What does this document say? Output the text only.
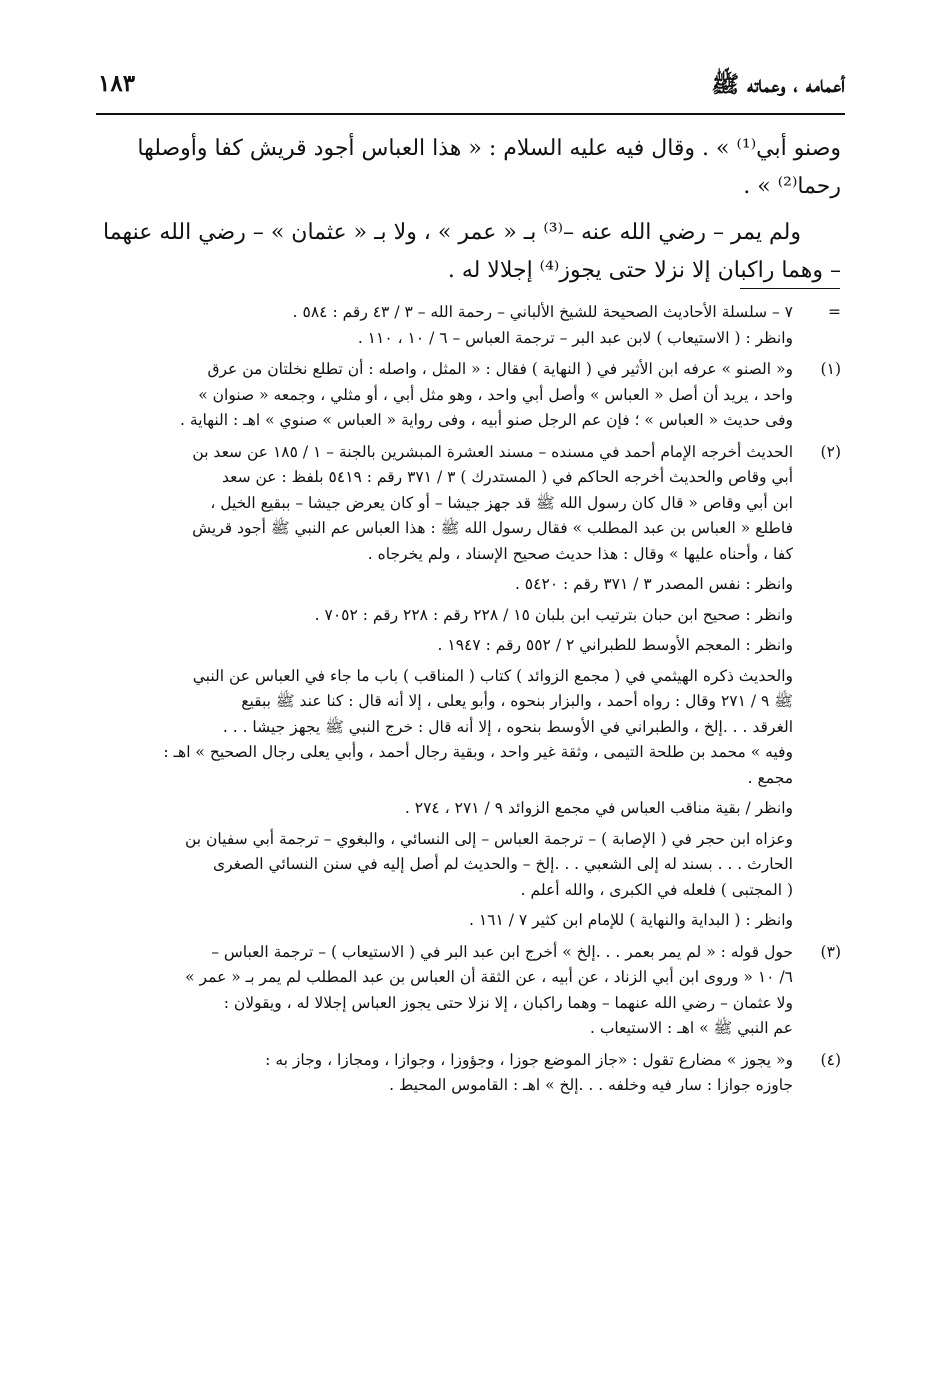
أعمامه ، وعماته ﷺ
١٨٣

وصنو أبي⁽¹⁾ » . وقال فيه عليه السلام : « هذا العباس أجود قريش كفا وأوصلها رحما⁽²⁾ » .

ولم يمر – رضي الله عنه –⁽³⁾ بـ « عمر » ، ولا بـ « عثمان » – رضي الله عنهما – وهما راكبان إلا نزلا حتى يجوز⁽⁴⁾ إجلالا له .

=
٧ – سلسلة الأحاديث الصحيحة للشيخ الألباني – رحمة الله – ٣ / ٤٣ رقم : ٥٨٤ .
وانظر : ( الاستيعاب ) لابن عبد البر – ترجمة العباس – ٦ / ١٠ ، ١١٠ .
(١)
و« الصنو » عرفه ابن الأثير في ( النهاية ) فقال : « المثل ، واصله : أن تطلع نخلتان من عرق
واحد ، يريد أن أصل « العباس » وأصل أبي واحد ، وهو مثل أبي ، أو مثلي ، وجمعه « صنوان »
وفى حديث « العباس » ؛ فإن عم الرجل صنو أبيه ، وفى رواية « العباس » صنوي » اهـ : النهاية .
(٢)
الحديث أخرجه الإمام أحمد في مسنده – مسند العشرة المبشرين بالجنة – ١ / ١٨٥ عن سعد بن
أبي وقاص والحديث أخرجه الحاكم في ( المستدرك ) ٣ / ٣٧١ رقم : ٥٤١٩ بلفظ : عن سعد
ابن أبي وقاص « قال كان رسول الله ﷺ قد جهز جيشا – أو كان يعرض جيشا – ببقيع الخيل ،
فاطلع « العباس بن عبد المطلب » فقال رسول الله ﷺ : هذا العباس عم النبي ﷺ أجود قريش
كفا ، وأحناه عليها » وقال : هذا حديث صحيح الإسناد ، ولم يخرجاه .
وانظر : نفس المصدر ٣ / ٣٧١ رقم : ٥٤٢٠ .
وانظر : صحيح ابن حبان بترتيب ابن بلبان ١٥ / ٢٢٨ رقم : ٢٢٨ رقم : ٧٠٥٢ .
وانظر : المعجم الأوسط للطبراني ٢ / ٥٥٢ رقم : ١٩٤٧ .
والحديث ذكره الهيثمي في ( مجمع الزوائد ) كتاب ( المناقب ) باب ما جاء في العباس عن النبي
ﷺ ٩ / ٢٧١ وقال : رواه أحمد ، والبزار بنحوه ، وأبو يعلى ، إلا أنه قال : كنا عند ﷺ ببقيع
الغرقد . . .إلخ ، والطبراني في الأوسط بنحوه ، إلا أنه قال : خرج النبي ﷺ يجهز جيشا . . .
وفيه » محمد بن طلحة التيمى ، وثقة غير واحد ، وبقية رجال أحمد ، وأبي يعلى رجال الصحيح » اهـ :
مجمع .
وانظر / بقية مناقب العباس في مجمع الزوائد ٩ / ٢٧١ ، ٢٧٤ .
وعزاه ابن حجر في ( الإصابة ) – ترجمة العباس – إلى النسائي ، والبغوي – ترجمة أبي سفيان بن
الحارث . . . بسند له إلى الشعبي . . .إلخ – والحديث لم أصل إليه في سنن النسائي الصغرى
( المجتبى ) فلعله في الكبرى ، والله أعلم .
وانظر : ( البداية والنهاية ) للإمام ابن كثير ٧ / ١٦١ .
(٣)
حول قوله : « لم يمر بعمر . . .إلخ » أخرج ابن عبد البر في ( الاستيعاب ) – ترجمة العباس –
٦/ ١٠ « وروى ابن أبي الزناد ، عن أبيه ، عن الثقة أن العباس بن عبد المطلب لم يمر بـ « عمر »
ولا عثمان – رضي الله عنهما – وهما راكبان ، إلا نزلا حتى يجوز العباس إجلالا له ، ويقولان :
عم النبي ﷺ » اهـ : الاستيعاب .
(٤)
و« يجوز » مضارع تقول : «جاز الموضع جوزا ، وجؤوزا ، وجوازا ، ومجازا ، وجاز به :
جاوزه جوازا : سار فيه وخلفه . . .إلخ » اهـ : القاموس المحيط .
